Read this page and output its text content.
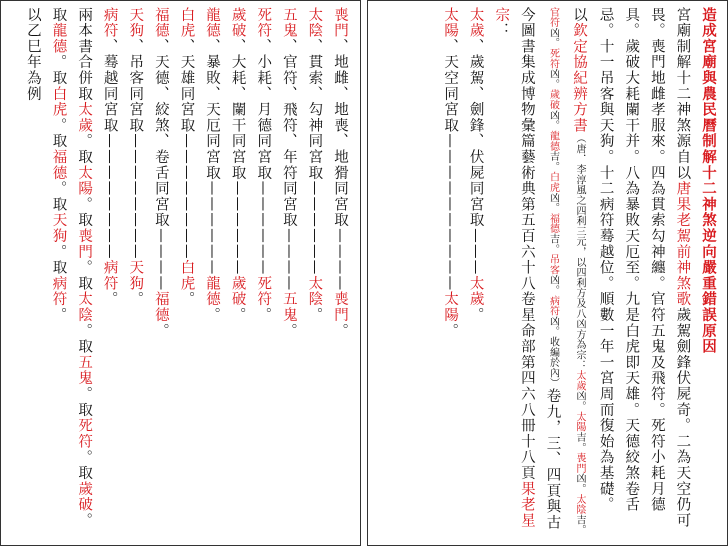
造成宮廟與農民曆制解十二神煞逆向嚴重錯誤原因
宮廟制解十二神煞源自以唐果老駕前神煞歌歲駕劍鋒伏屍奇。二為天空仍可畏。喪門地雌孝服來。四為貫索勾神纏。官符五鬼及飛符。死符小耗月德具。歲破大耗闌干并。八為暴敗天厄至。九是白虎即天雄。天德絞煞卷舌忌。十一吊客與天狗。十二病符蓦越位。順數一年一宮周而復始為基礎。
以欽定協紀辨方書（唐．李淳風之四利三元，以四利方及八凶方為宗：太歲凶。太陽吉。喪門凶。太陰吉。官符凶。死符凶。歲破凶。龍德吉。白虎凶。福德吉。吊客凶。病符凶。收編於內）卷九，三、四頁與古今圖書集成博物彙篇藝術典第五百六十八卷星命部第四六八冊十八頁果老星宗：
太歲、歲駕、劍鋒、伏屍同宮取———太歲。
太陽、天空同宮取——————————太陽。
喪門、地雌、地喪、地猾同宮取————喪門。
太陰、貫索、勾神同宮取——————太陰。
五鬼、官符、飛符、年符同宮取————五鬼。
死符、小耗、月德同宮取——————死符。
歲破、大耗、闌干同宮取——————歲破。
龍德、暴敗、天厄同宮取——————龍德。
白虎、天雄同宮取————————白虎。
福德、天德、絞煞、卷舌同宮取————福德。
天狗、吊客同宮取————————天狗。
病符、蓦越同宮取————————病符。
兩本書合併取太歲。取太陽。取喪門。取太陰。取五鬼。取死符。取歲破。取龍德。取白虎。取福德。取天狗。取病符。
以乙巳年為例
